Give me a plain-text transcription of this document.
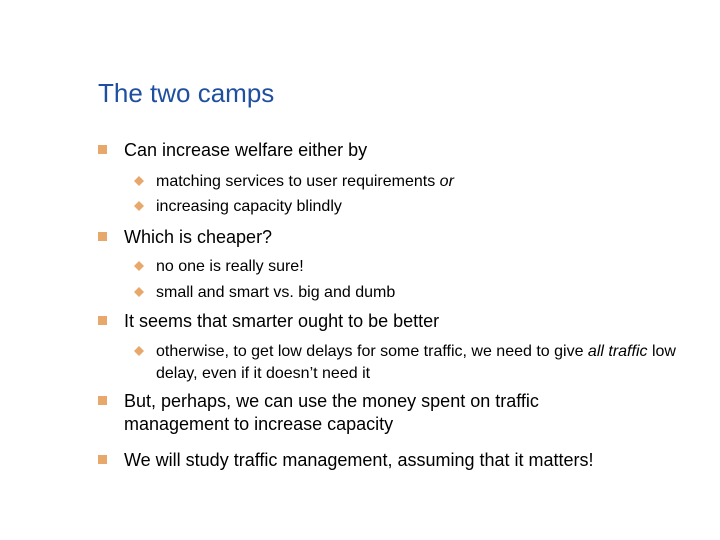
The two camps
Can increase welfare either by
matching services to user requirements or
increasing capacity blindly
Which is cheaper?
no one is really sure!
small and smart vs. big and dumb
It seems that smarter ought to be better
otherwise, to get low delays for some traffic, we need to give all traffic low delay, even if it doesn’t need it
But, perhaps, we can use the money spent on traffic management to increase capacity
We will study traffic management, assuming that it matters!
